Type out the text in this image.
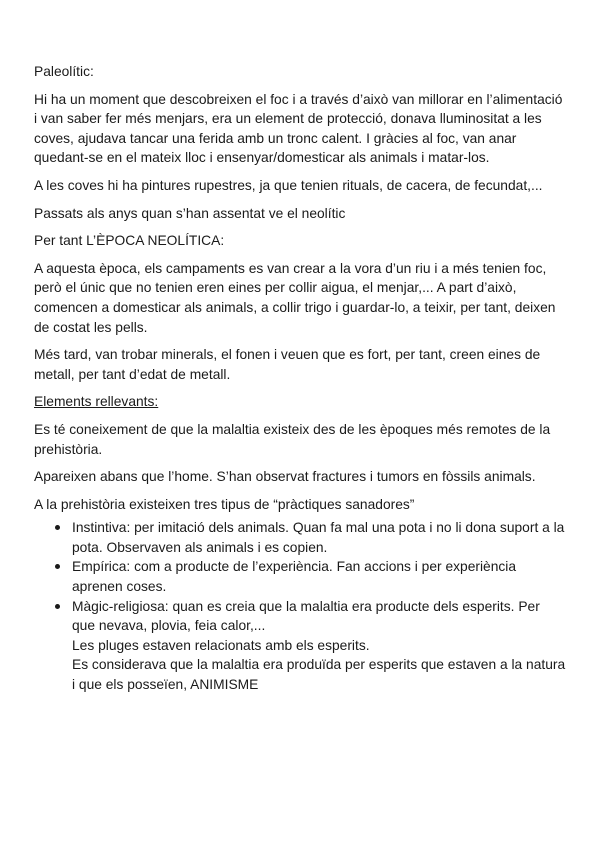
Paleolític:

Hi ha un moment que descobreixen el foc i a través d’això van millorar en l’alimentació i van saber fer més menjars, era un element de protecció, donava lluminositat a les coves, ajudava tancar una ferida amb un tronc calent. I gràcies al foc, van anar quedant-se en el mateix lloc i ensenyar/domesticar als animals i matar-los.

A les coves hi ha pintures rupestres, ja que tenien rituals, de cacera, de fecundat,...

Passats als anys quan s’han assentat ve el neolític

Per tant L’ÈPOCA NEOLÍTICA:

A aquesta època, els campaments es van crear a la vora d’un riu i a més tenien foc, però el únic que no tenien eren eines per collir aigua, el menjar,... A part d’això, comencen a domesticar als animals, a collir trigo i guardar-lo, a teixir, per tant, deixen de costat les pells.

Més tard, van trobar minerals, el fonen i veuen que es fort, per tant, creen eines de metall, per tant d’edat de metall.

Elements rellevants:

Es té coneixement de que la malaltia existeix des de les èpoques més remotes de la prehistòria.

Apareixen abans que l’home. S’han observat fractures i tumors en fòssils animals.

A la prehistòria existeixen tres tipus de “pràctiques sanadores”

Instintiva: per imitació dels animals. Quan fa mal una pota i no li dona suport a la pota. Observaven als animals i es copien.
Empírica: com a producte de l’experiència. Fan accions i per experiència aprenen coses.
Màgic-religiosa: quan es creia que la malaltia era producte dels esperits. Per que nevava, plovia, feia calor,...
Les pluges estaven relacionats amb els esperits.
Es considerava que la malaltia era produïda per esperits que estaven a la natura i que els posseïen, ANIMISME
